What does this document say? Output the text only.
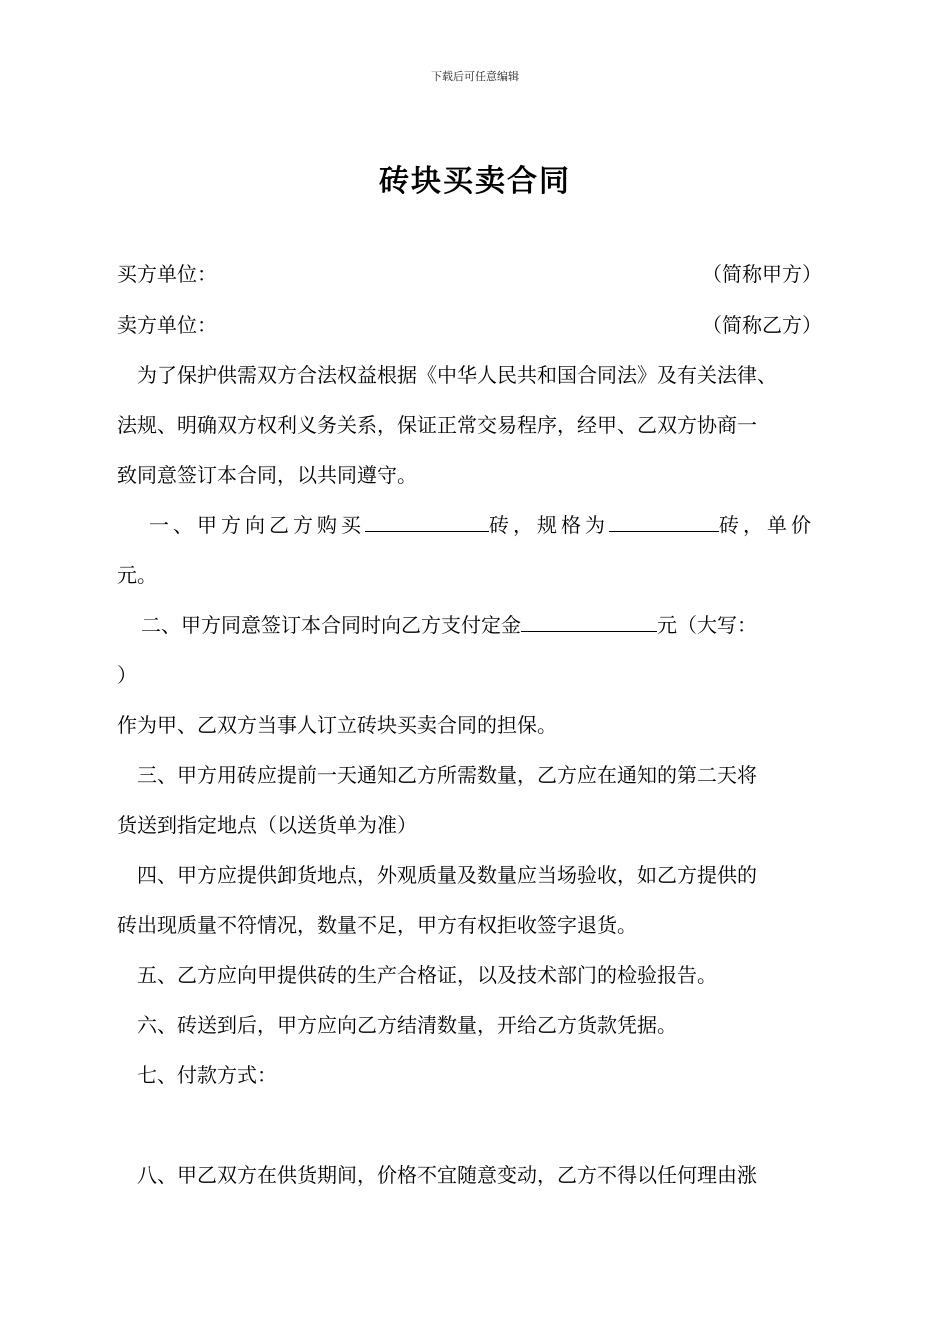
下载后可任意编辑
砖块买卖合同
买方单位：	（简称甲方）
卖方单位：	（简称乙方）
为了保护供需双方合法权益根据《中华人民共和国合同法》及有关法律、
法规、明确双方权利义务关系，保证正常交易程序，经甲、乙双方协商一
致同意签订本合同，以共同遵守。
一、甲方向乙方购买	砖，规格为	砖，单价
元。
二、甲方同意签订本合同时向乙方支付定金	元（大写：
）
作为甲、乙双方当事人订立砖块买卖合同的担保。
三、甲方用砖应提前一天通知乙方所需数量，乙方应在通知的第二天将
货送到指定地点（以送货单为准）
四、甲方应提供卸货地点，外观质量及数量应当场验收，如乙方提供的
砖出现质量不符情况，数量不足，甲方有权拒收签字退货。
五、乙方应向甲提供砖的生产合格证，以及技术部门的检验报告。
六、砖送到后，甲方应向乙方结清数量，开给乙方货款凭据。
七、付款方式：
八、甲乙双方在供货期间，价格不宜随意变动，乙方不得以任何理由涨
